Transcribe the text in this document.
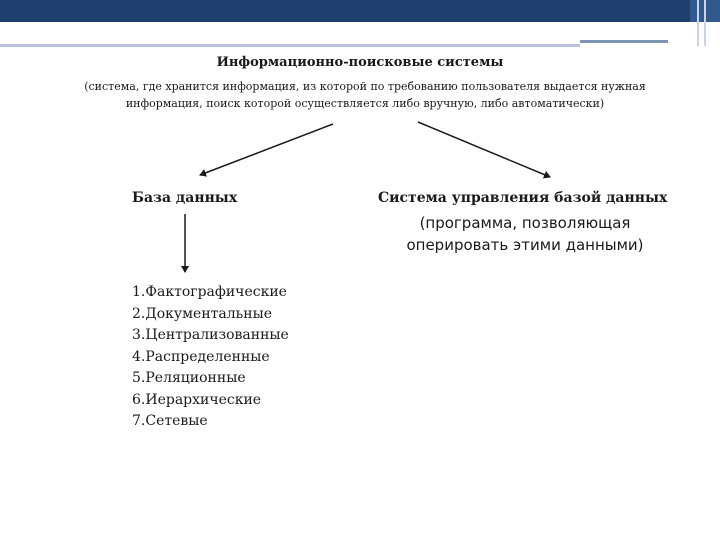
Информационно-поисковые системы
(система, где хранится информация, из которой по требованию пользователя выдается нужная информация, поиск которой осуществляется либо вручную, либо автоматически)
База данных	Система управления базой данных
(программа, позволяющая оперировать этими данными)
1.Фактографические
2.Документальные
3.Централизованные
4.Распределенные
5.Реляционные
6.Иерархические
7.Сетевые
